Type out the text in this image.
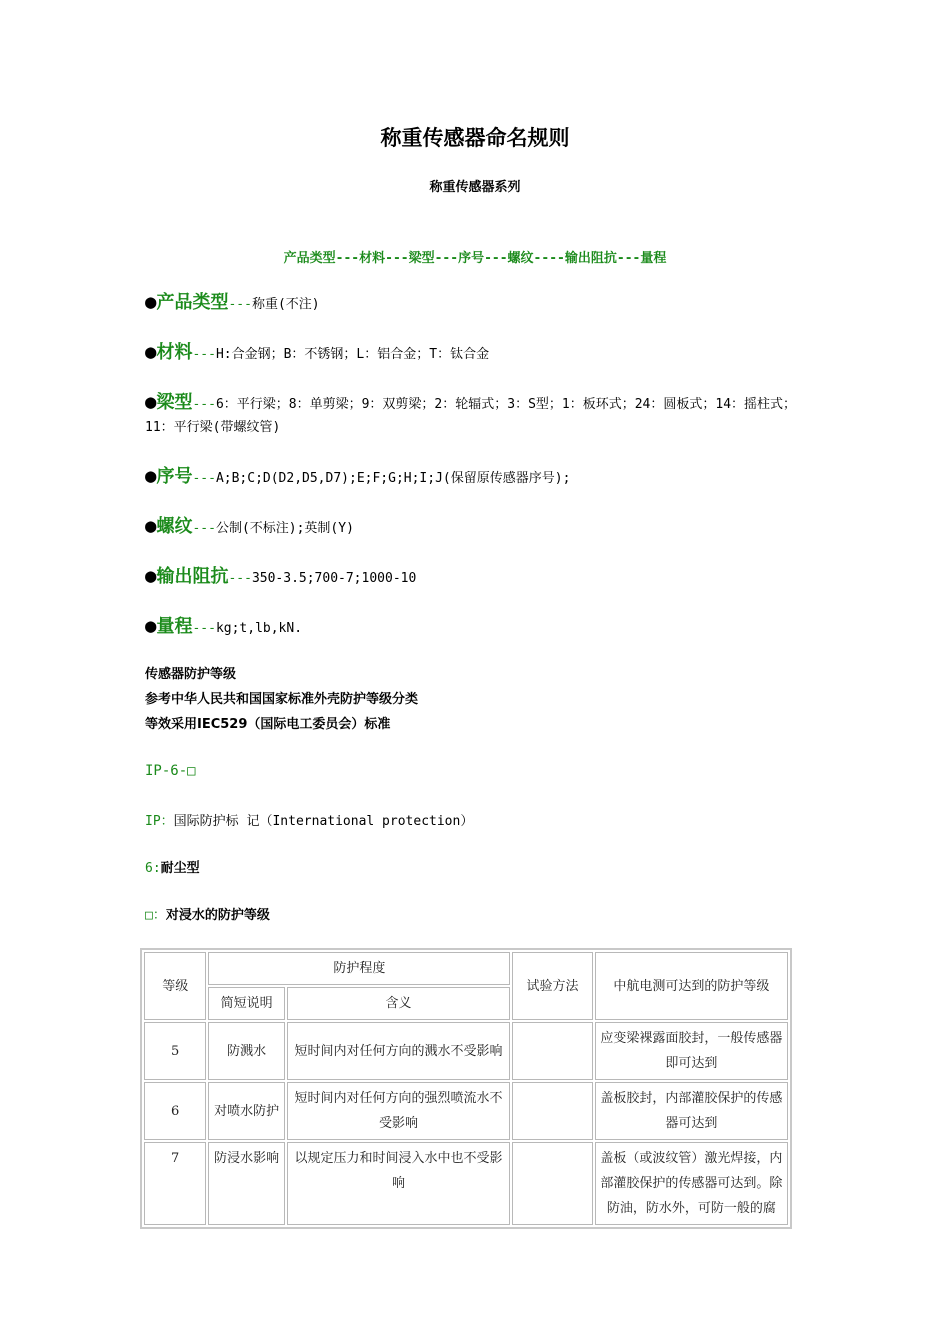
称重传感器命名规则
称重传感器系列
产品类型---材料---梁型---序号---螺纹----输出阻抗---量程
●产品类型---称重(不注)
●材料---H:合金钢；B：不锈钢；L：铝合金；T：钛合金
●梁型---6：平行梁；8：单剪梁；9：双剪梁；2：轮辐式；3：S型；1：板环式；24：圆板式；14：摇柱式；11：平行梁(带螺纹管)
●序号---A;B;C;D(D2,D5,D7);E;F;G;H;I;J(保留原传感器序号);
●螺纹---公制(不标注);英制(Y)
●输出阻抗---350-3.5;700-7;1000-10
●量程---kg;t,lb,kN.
传感器防护等级
参考中华人民共和国国家标准外壳防护等级分类
等效采用IEC529（国际电工委员会）标准
IP-6-□
IP：国际防护标 记（International protection）
6:耐尘型
□：对浸水的防护等级
等级	防护程度		试验方法	中航电测可达到的防护等级
	简短说明	含义		
5	防溅水	短时间内对任何方向的溅水不受影响		应变梁裸露面胶封，一般传感器即可达到
6	对喷水防护	短时间内对任何方向的强烈喷流水不受影响		盖板胶封，内部灌胶保护的传感器可达到
7	防浸水影响	以规定压力和时间浸入水中也不受影响		盖板（或波纹管）激光焊接，内部灌胶保护的传感器可达到。除防油，防水外，可防一般的腐
